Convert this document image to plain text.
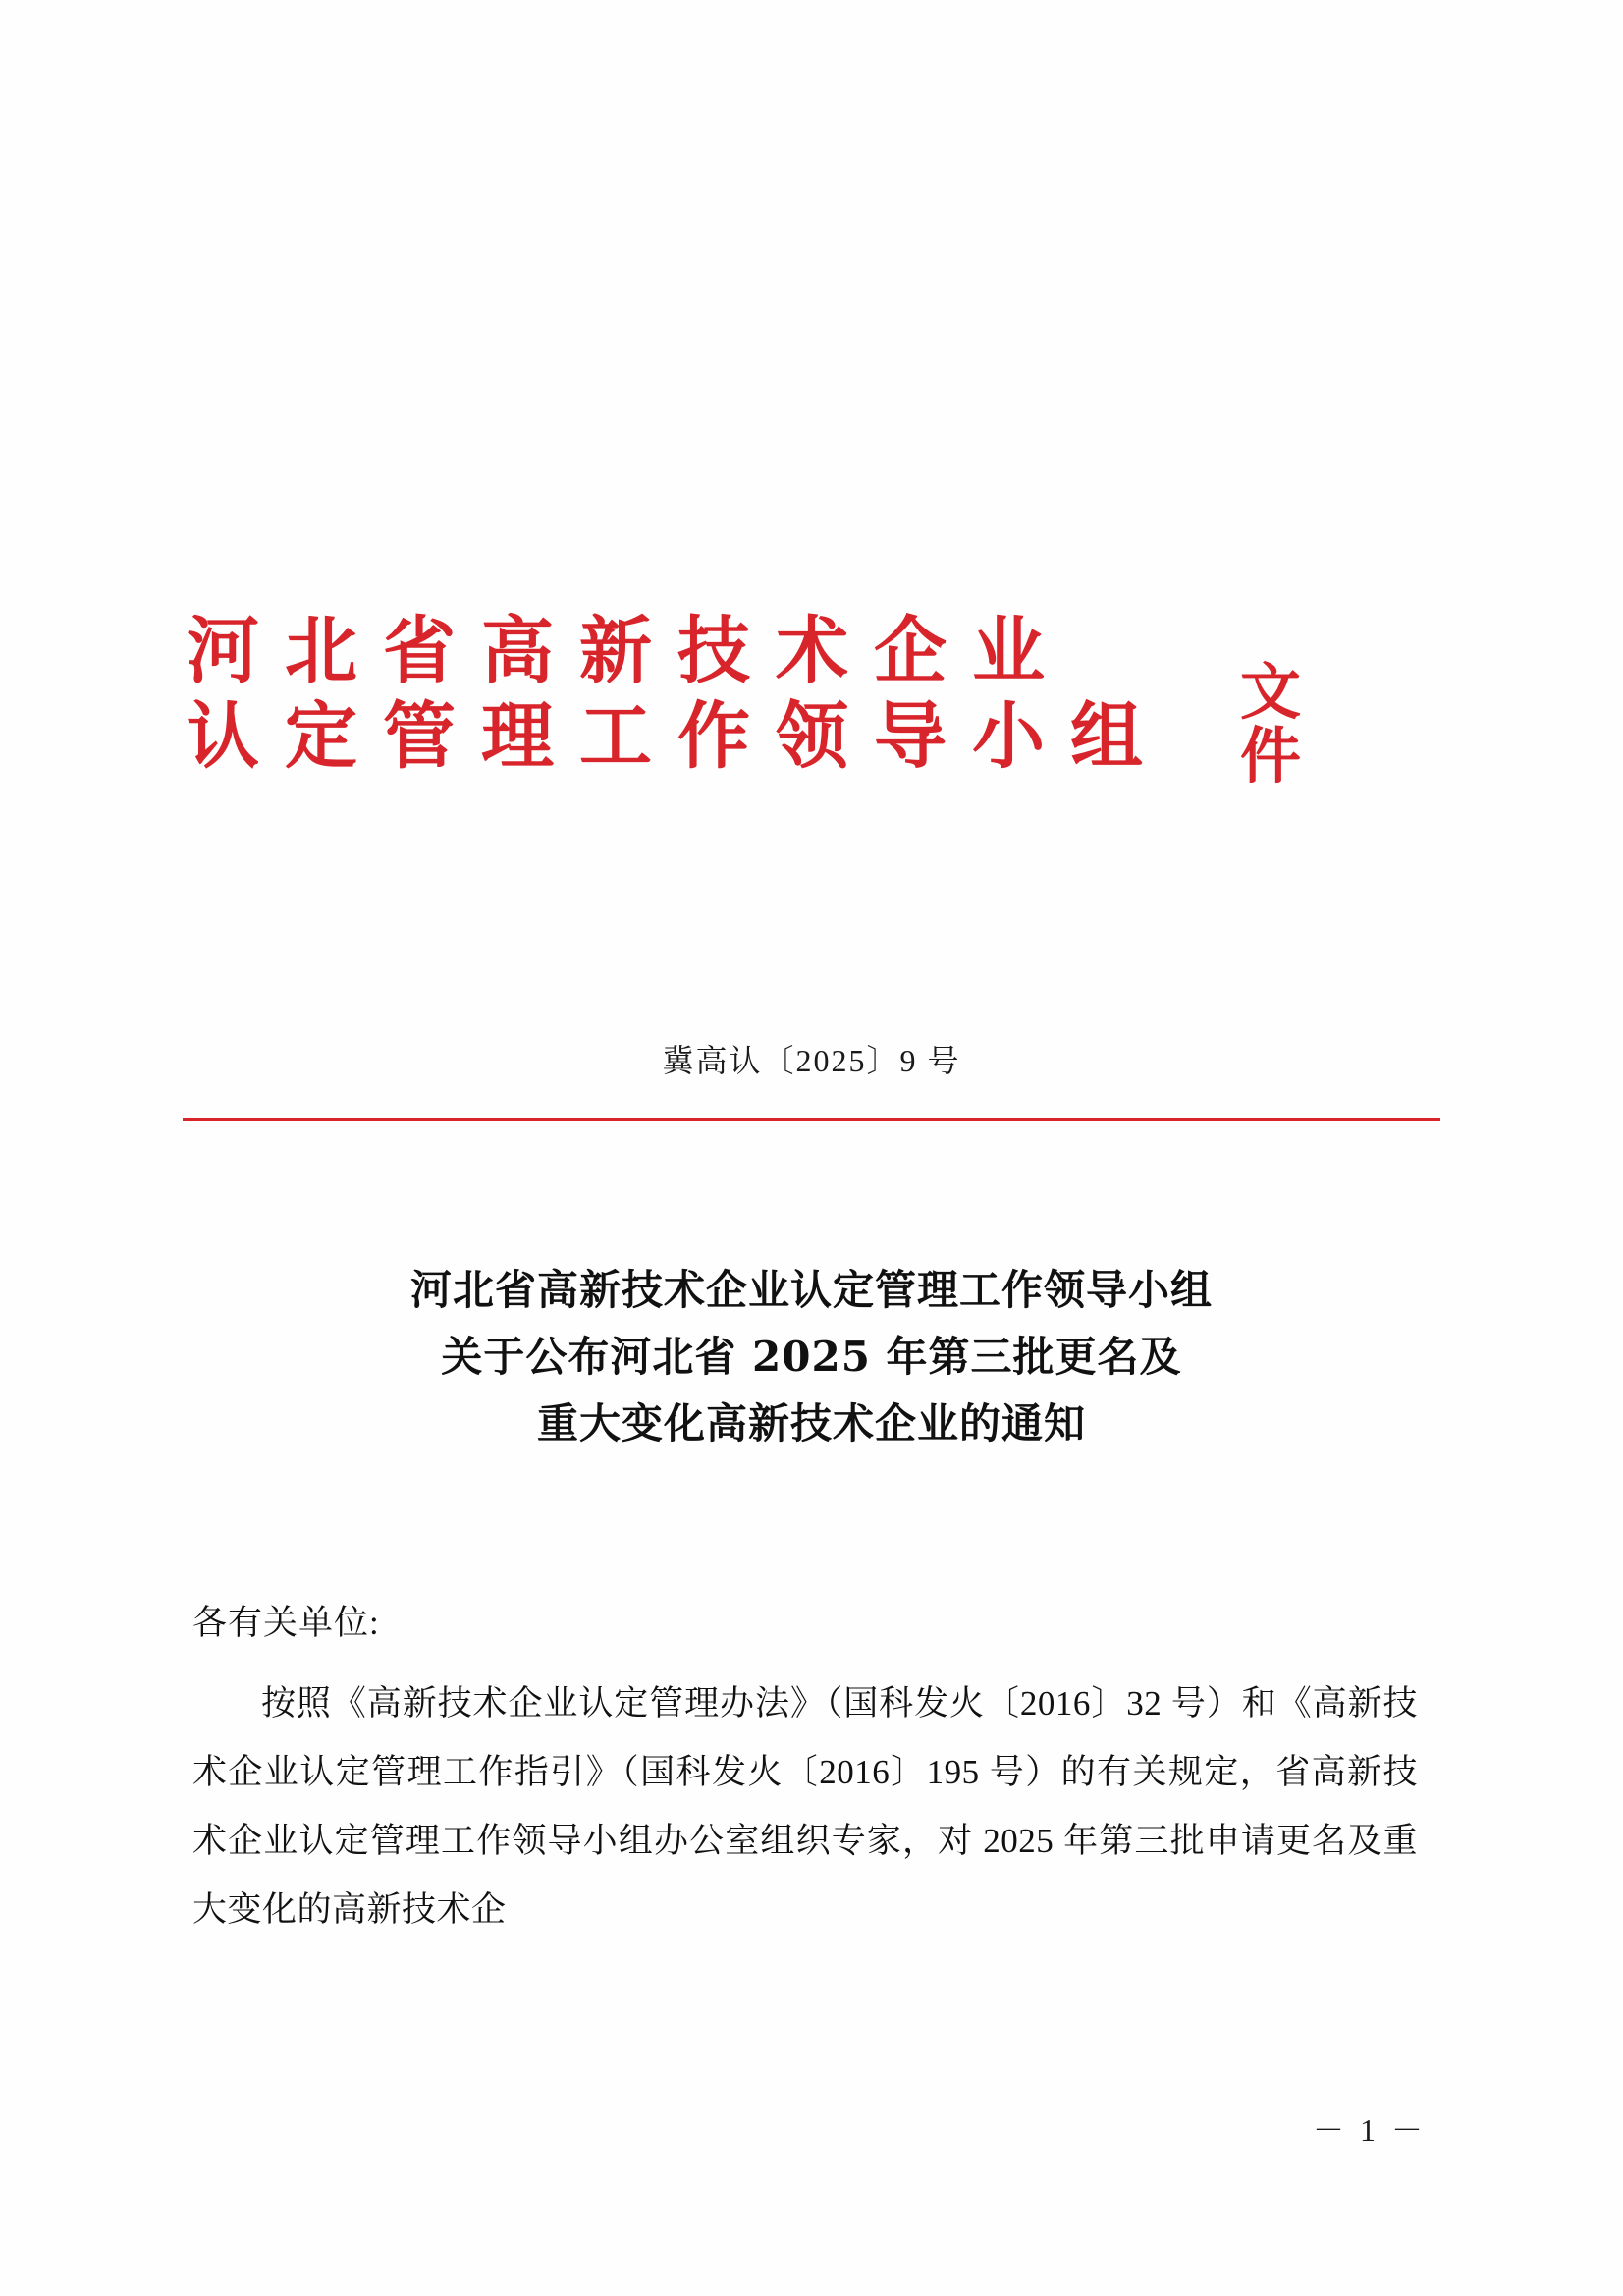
河北省高新技术企业
认定管理工作领导小组
文件
冀高认〔2025〕9 号
河北省高新技术企业认定管理工作领导小组
关于公布河北省 2025 年第三批更名及
重大变化高新技术企业的通知
各有关单位:

按照《高新技术企业认定管理办法》（国科发火〔2016〕32 号）和《高新技术企业认定管理工作指引》（国科发火〔2016〕195 号）的有关规定，省高新技术企业认定管理工作领导小组办公室组织专家，对 2025 年第三批申请更名及重大变化的高新技术企

－ 1 －
